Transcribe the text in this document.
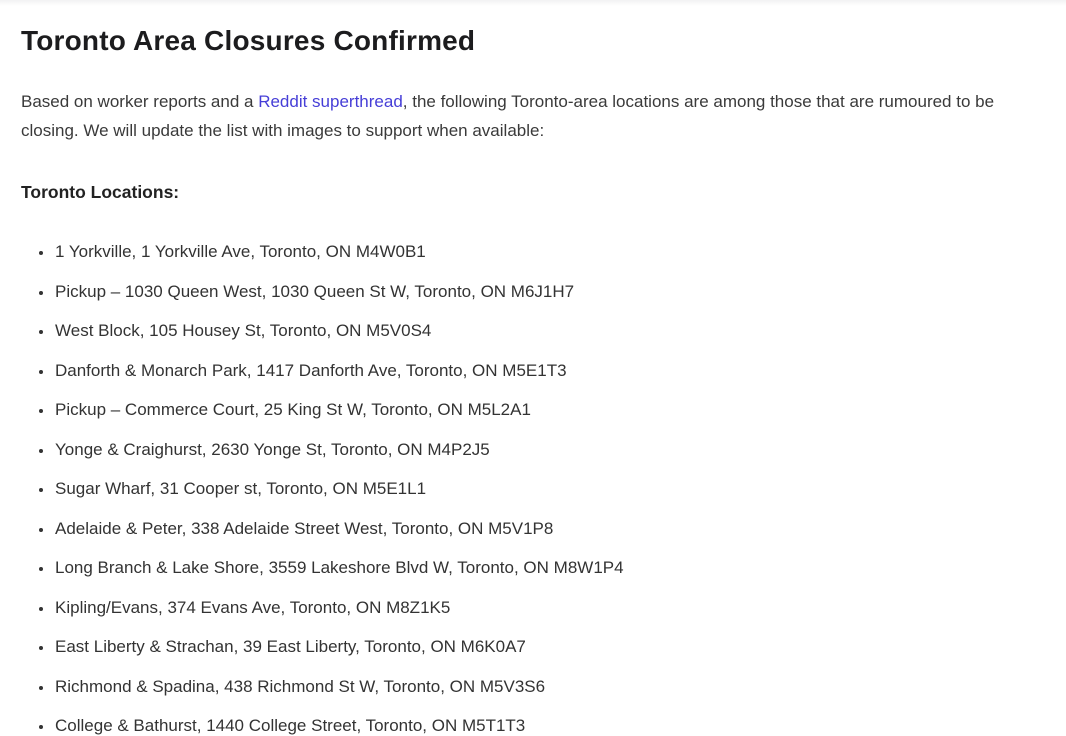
Toronto Area Closures Confirmed

Based on worker reports and a Reddit superthread, the following Toronto-area locations are among those that are rumoured to be closing. We will update the list with images to support when available:

Toronto Locations:

• 1 Yorkville, 1 Yorkville Ave, Toronto, ON M4W0B1
• Pickup – 1030 Queen West, 1030 Queen St W, Toronto, ON M6J1H7
• West Block, 105 Housey St, Toronto, ON M5V0S4
• Danforth & Monarch Park, 1417 Danforth Ave, Toronto, ON M5E1T3
• Pickup – Commerce Court, 25 King St W, Toronto, ON M5L2A1
• Yonge & Craighurst, 2630 Yonge St, Toronto, ON M4P2J5
• Sugar Wharf, 31 Cooper st, Toronto, ON M5E1L1
• Adelaide & Peter, 338 Adelaide Street West, Toronto, ON M5V1P8
• Long Branch & Lake Shore, 3559 Lakeshore Blvd W, Toronto, ON M8W1P4
• Kipling/Evans, 374 Evans Ave, Toronto, ON M8Z1K5
• East Liberty & Strachan, 39 East Liberty, Toronto, ON M6K0A7
• Richmond & Spadina, 438 Richmond St W, Toronto, ON M5V3S6
• College & Bathurst, 1440 College Street, Toronto, ON M5T1T3
